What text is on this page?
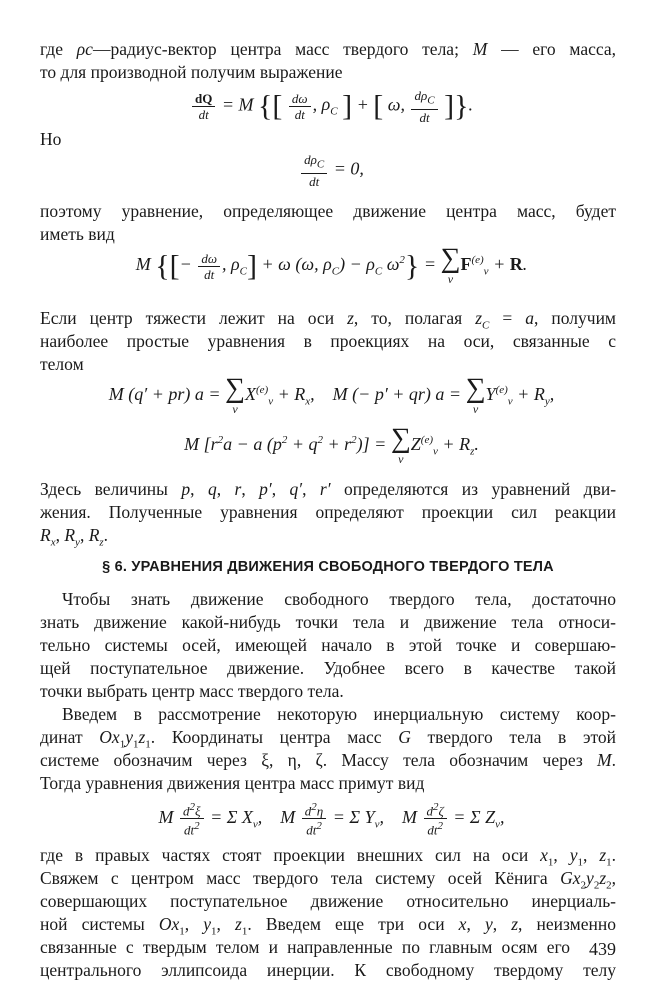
где ρc—радиус-вектор центра масс твердого тела; M — его масса,
то для производной получим выражение
$\frac{dQ}{dt} = M$ {[ $\frac{d\omega}{dt}$ , $\rho_C$ ] + [ ω, $\frac{d\rho_C}{dt}$ ]}.
Но
$\frac{d\rho_C}{dt} = 0$,
поэтому уравнение, определяющее движение центра масс, будет
иметь вид
M {[− $\frac{d\omega}{dt}$ , $\rho_C] + \omega$ (ω, $\rho_C) - \rho_C$ $\omega^2$} = ∑
ν
$F^{(e)}_\nu + R$.
Если центр тяжести лежит на оси z, то, полагая $z_C = a$, получим
наиболее простые уравнения в проекциях на оси, связанные с
телом
M (q′ + pr) a = ∑
ν
$X^{(e)}_\nu + R_x$,    M (− p′ + qr) a = ∑
ν
$Y^{(e)}_\nu + R_y$,
M [$r^2a - a$ $(p^2 + q^2 + r^2)$] = ∑
ν
$Z^{(e)}_\nu + R_z$.
Здесь величины p, q, r, p′, q′, r′ определяются из уравнений дви-
жения. Полученные уравнения определяют проекции сил реакции
$R_x$, $R_y$, $R_z$.
§ 6. УРАВНЕНИЯ ДВИЖЕНИЯ СВОБОДНОГО ТВЕРДОГО ТЕЛА
Чтобы знать движение свободного твердого тела, достаточно
знать движение какой-нибудь точки тела и движение тела относи-
тельно системы осей, имеющей начало в этой точке и совершаю-
щей поступательное движение. Удобнее всего в качестве такой
точки выбрать центр масс твердого тела.
Введем в рассмотрение некоторую инерциальную систему коор-
динат $Ox_1y_1z_1$. Координаты центра масс G твердого тела в этой
системе обозначим через ξ, η, ζ. Массу тела обозначим через M.
Тогда уравнения движения центра масс примут вид
M $\frac{d^2\xi}{dt^2} = \Sigma$ $X_\nu$,    M $\frac{d^2\eta}{dt^2} = \Sigma$ $Y_\nu$,    M $\frac{d^2\zeta}{dt^2} = \Sigma$ $Z_\nu$,
где в правых частях стоят проекции внешних сил на оси $x_1$, $y_1$, $z_1$.
Свяжем с центром масс твердого тела систему осей Кёнига $Gx_2y_2z_2$,
совершающих поступательное движение относительно инерциаль-
ной системы $Ox_1$, $y_1$, $z_1$. Введем еще три оси x, y, z, неизменно
связанные с твердым телом и направленные по главным осям его
центрального эллипсоида инерции. К свободному твердому телу
439
